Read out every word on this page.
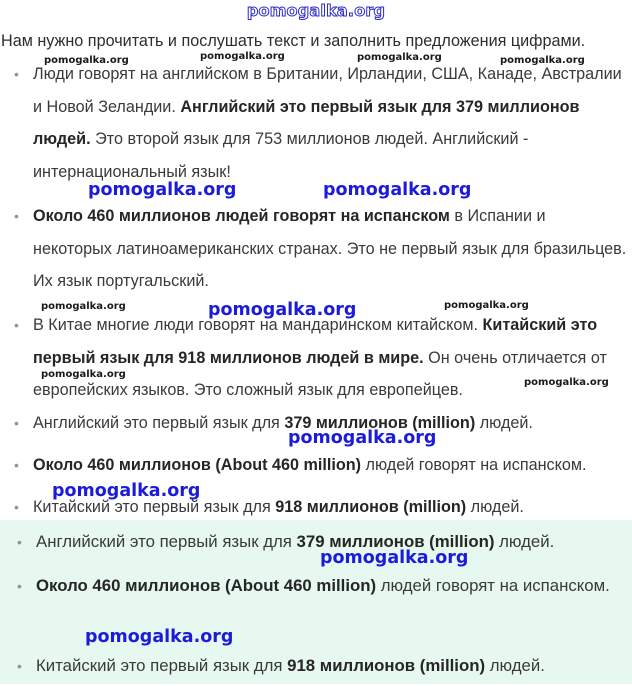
pomogalka.org
Нам нужно прочитать и послушать текст и заполнить предложения цифрами.
• Люди говорят на английском в Британии, Ирландии, США, Канаде, Австралии и Новой Зеландии. Английский это первый язык для 379 миллионов людей. Это второй язык для 753 миллионов людей. Английский - интернациональный язык!
• Около 460 миллионов людей говорят на испанском в Испании и некоторых латиноамериканских странах. Это не первый язык для бразильцев. Их язык португальский.
• В Китае многие люди говорят на мандаринском китайском. Китайский это первый язык для 918 миллионов людей в мире. Он очень отличается от европейских языков. Это сложный язык для европейцев.
• Английский это первый язык для 379 миллионов (million) людей.
• Около 460 миллионов (About 460 million) людей говорят на испанском.
• Китайский это первый язык для 918 миллионов (million) людей.
• Английский это первый язык для 379 миллионов (million) людей.
• Около 460 миллионов (About 460 million) людей говорят на испанском.
• Китайский это первый язык для 918 миллионов (million) людей.
pomogalka.org	pomogalka.org
pomogalka.org
pomogalka.org
pomogalka.org
pomogalka.org
pomogalka.org
pomogalka.org	pomogalka.org	pomogalka.org	pomogalka.org
pomogalka.org	pomogalka.org
pomogalka.org
pomogalka.org
